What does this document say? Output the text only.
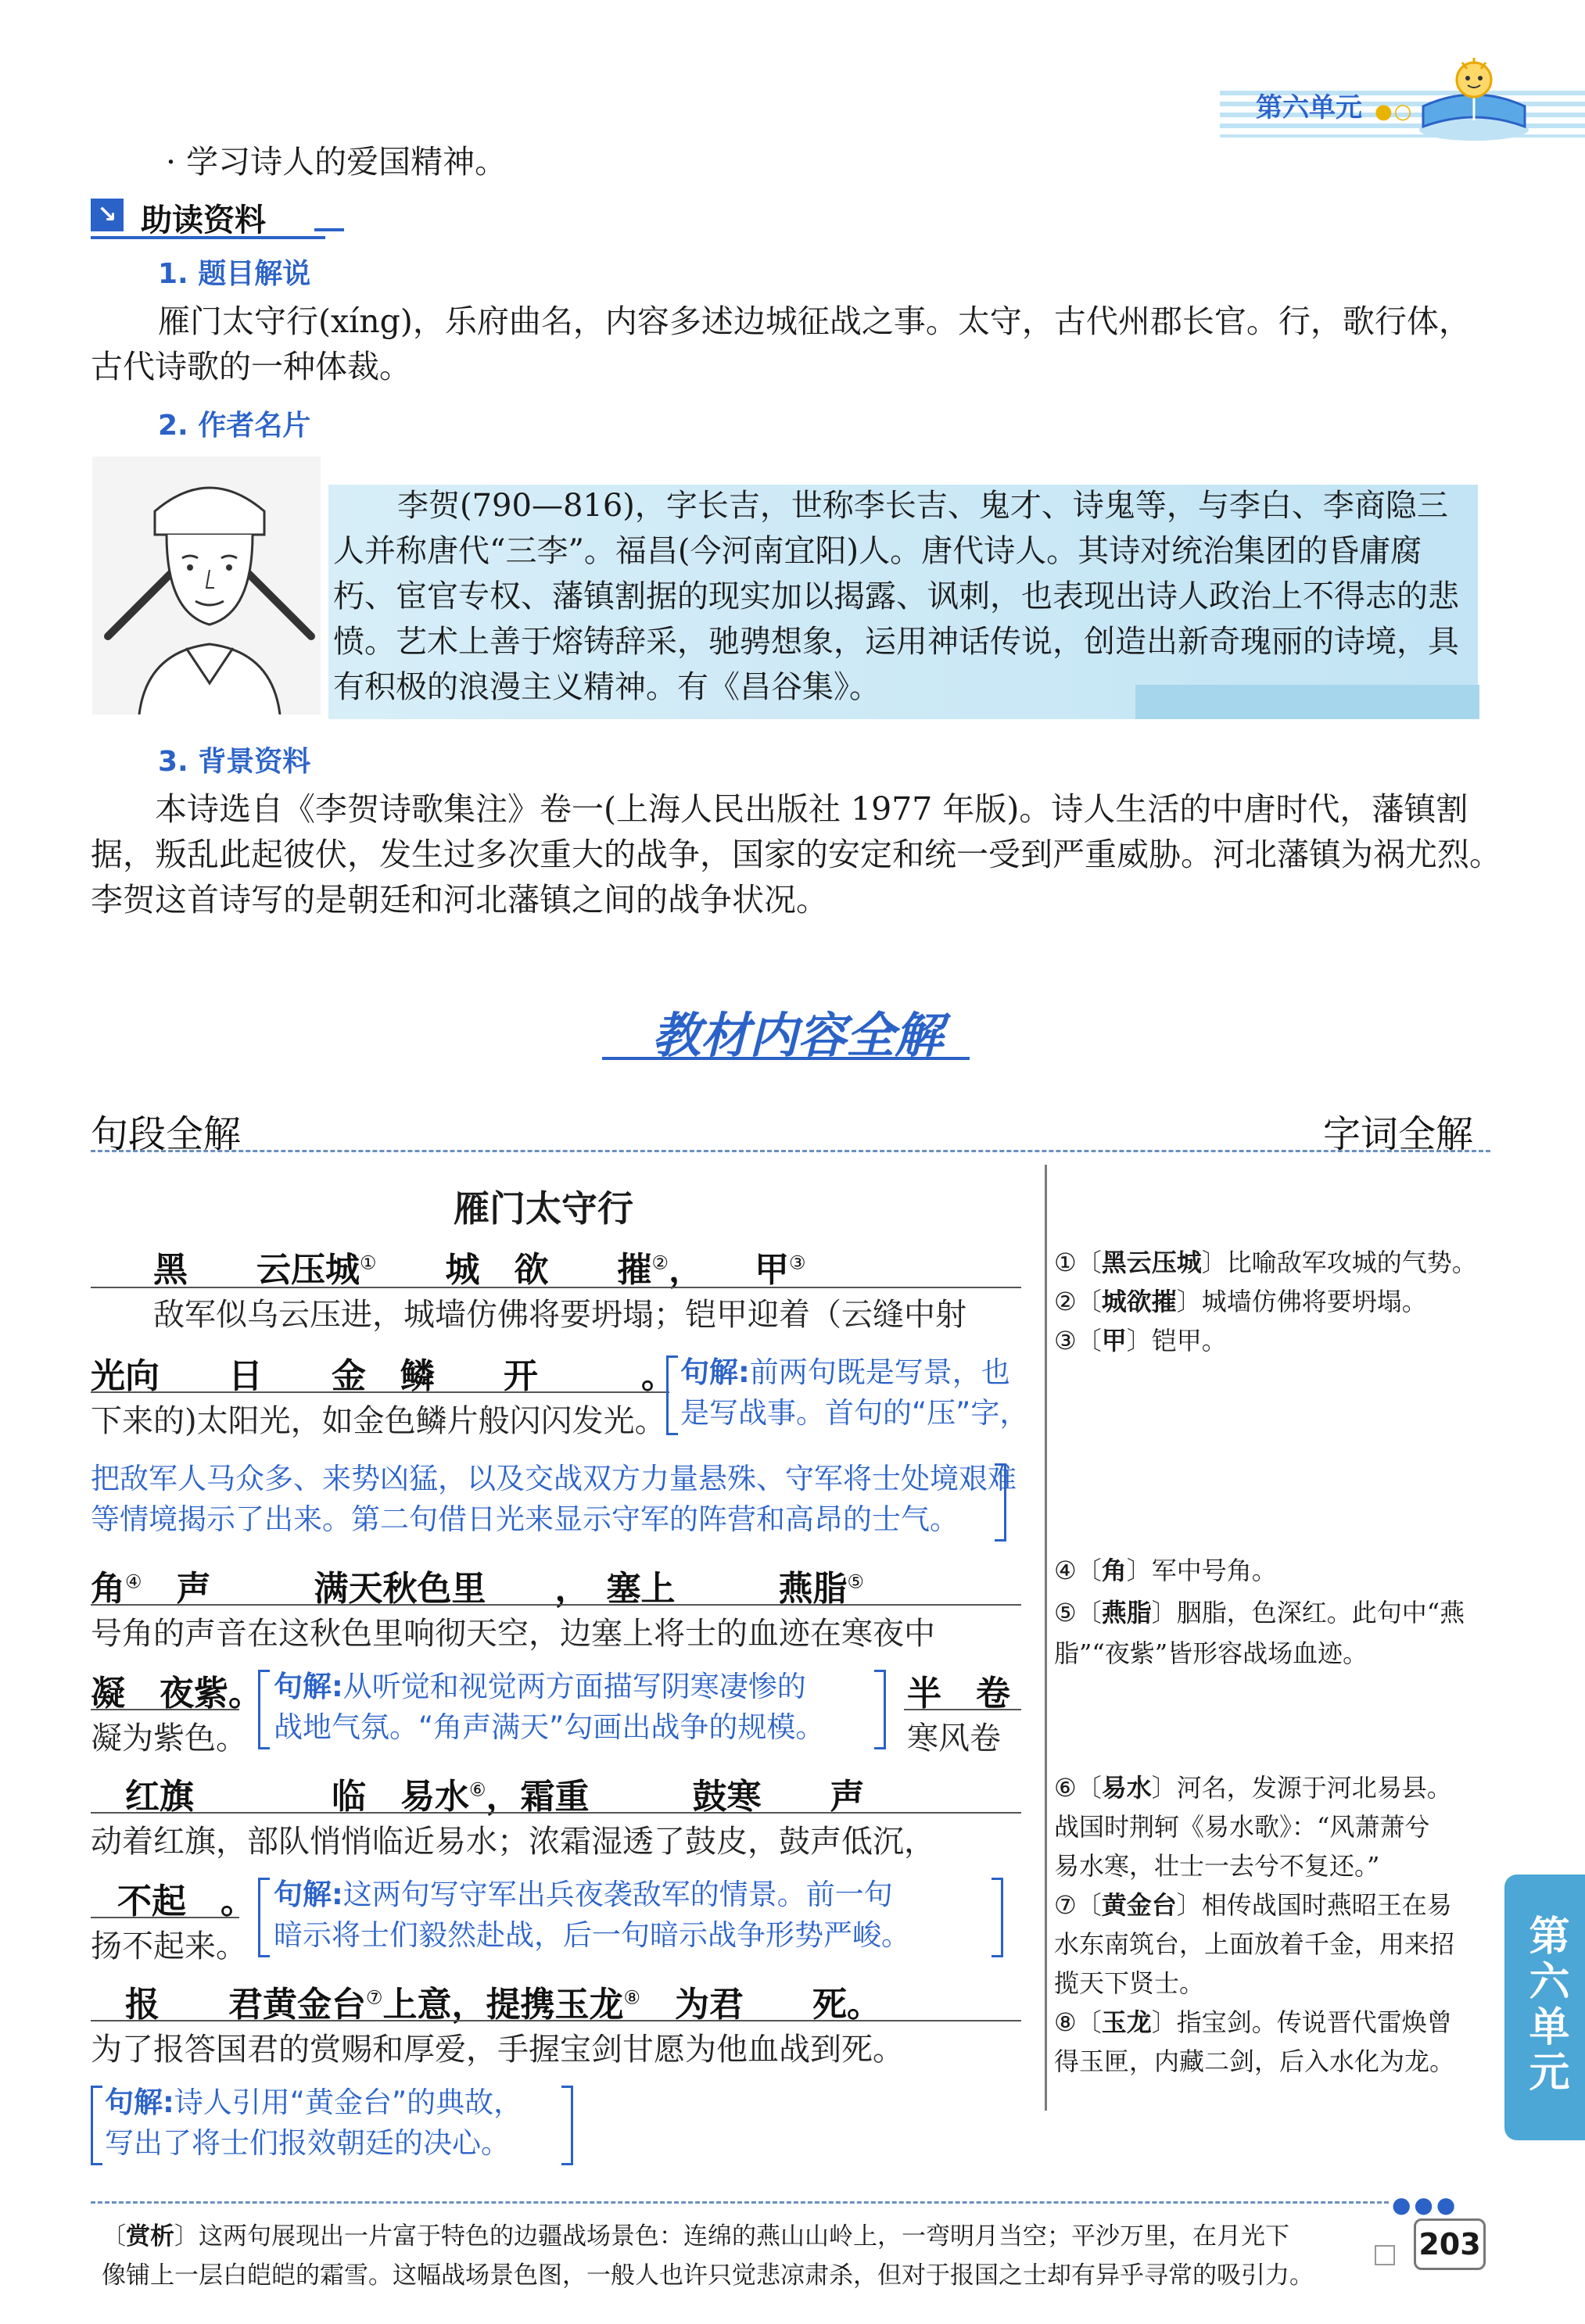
第六单元 ●○
· 学习诗人的爱国精神。
↘ 助读资料
1. 题目解说
雁门太守行(xíng)，乐府曲名，内容多述边城征战之事。太守，古代州郡长官。行，歌行体，古代诗歌的一种体裁。
2. 作者名片
李贺(790—816)，字长吉，世称李长吉、鬼才、诗鬼等，与李白、李商隐三人并称唐代“三李”。福昌(今河南宜阳)人。唐代诗人。其诗对统治集团的昏庸腐朽、宦官专权、藩镇割据的现实加以揭露、讽刺，也表现出诗人政治上不得志的悲愤。艺术上善于熔铸辞采，驰骋想象，运用神话传说，创造出新奇瑰丽的诗境，具有积极的浪漫主义精神。有《昌谷集》。
3. 背景资料
本诗选自《李贺诗歌集注》卷一(上海人民出版社 1977 年版)。诗人生活的中唐时代，藩镇割据，叛乱此起彼伏，发生过多次重大的战争，国家的安定和统一受到严重威胁。河北藩镇为祸尤烈。李贺这首诗写的是朝廷和河北藩镇之间的战争状况。
教材内容全解
句段全解	字词全解
雁门太守行
黑　　云压城①　　城　欲　　摧②，　　甲③
敌军似乌云压进，城墙仿佛将要坍塌；铠甲迎着（云缝中射
光向　　日　　金　鳞　　开　　　。
下来的)太阳光，如金色鳞片般闪闪发光。
句解:前两句既是写景，也
是写战事。首句的“压”字，
把敌军人马众多、来势凶猛，以及交战双方力量悬殊、守军将士处境艰难
等情境揭示了出来。第二句借日光来显示守军的阵营和高昂的士气。
角④　声　　　满天秋色里　　，　塞上　　　燕脂⑤
号角的声音在这秋色里响彻天空，边塞上将士的血迹在寒夜中
凝　夜紫。
凝为紫色。
句解:从听觉和视觉两方面描写阴寒凄惨的
战地气氛。“角声满天”勾画出战争的规模。
半　卷
寒风卷
　红旗　　　　临　易水⑥，霜重　　　鼓寒　　声
动着红旗，部队悄悄临近易水；浓霜湿透了鼓皮，鼓声低沉，
不起　。
扬不起来。
句解:这两句写守军出兵夜袭敌军的情景。前一句
暗示将士们毅然赴战，后一句暗示战争形势严峻。
　报　　君黄金台⑦上意，提携玉龙⑧　为君　　死。
为了报答国君的赏赐和厚爱，手握宝剑甘愿为他血战到死。
句解:诗人引用“黄金台”的典故，
写出了将士们报效朝廷的决心。
①〔黑云压城〕比喻敌军攻城的气势。
②〔城欲摧〕城墙仿佛将要坍塌。
③〔甲〕铠甲。
④〔角〕军中号角。
⑤〔燕脂〕胭脂，色深红。此句中“燕
脂”“夜紫”皆形容战场血迹。
⑥〔易水〕河名，发源于河北易县。
战国时荆轲《易水歌》：“风萧萧兮
易水寒，壮士一去兮不复还。”
⑦〔黄金台〕相传战国时燕昭王在易
水东南筑台，上面放着千金，用来招
揽天下贤士。
⑧〔玉龙〕指宝剑。传说晋代雷焕曾
得玉匣，内藏二剑，后入水化为龙。	第六单元
●●●
〔赏析〕这两句展现出一片富于特色的边疆战场景色：连绵的燕山山岭上，一弯明月当空；平沙万里，在月光下
像铺上一层白皑皑的霜雪。这幅战场景色图，一般人也许只觉悲凉肃杀，但对于报国之士却有异乎寻常的吸引力。
203
